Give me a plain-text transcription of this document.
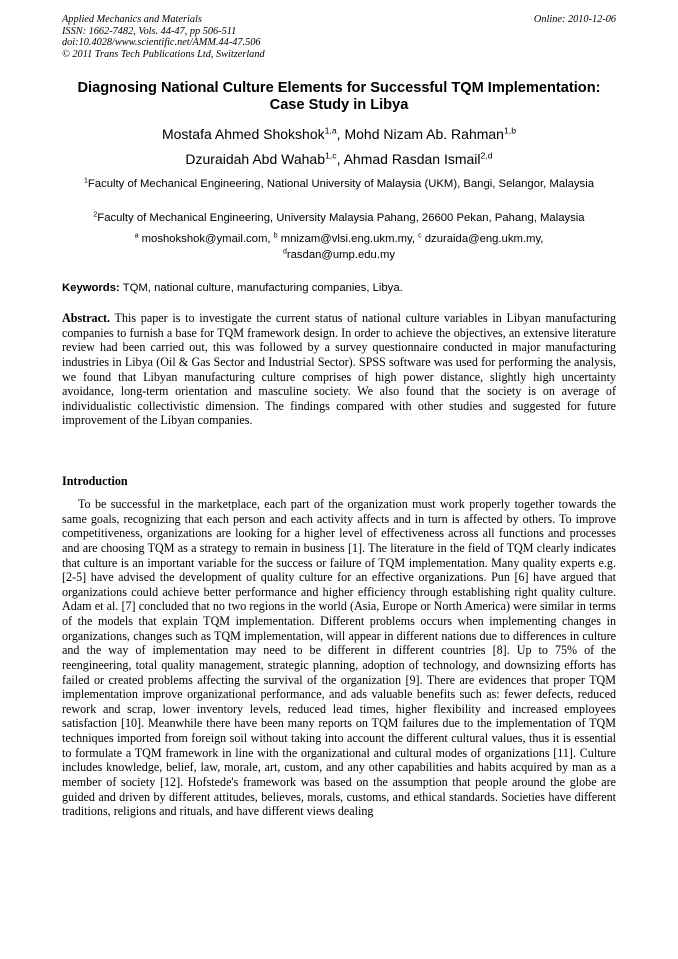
Applied Mechanics and Materials
ISSN: 1662-7482, Vols. 44-47, pp 506-511
doi:10.4028/www.scientific.net/AMM.44-47.506
© 2011 Trans Tech Publications Ltd, Switzerland
Online: 2010-12-06
Diagnosing National Culture Elements for Successful TQM Implementation: Case Study in Libya

Mostafa Ahmed Shokshok$^{1,a}$, Mohd Nizam Ab. Rahman$^{1,b}$

Dzuraidah Abd Wahab$^{1,c}$, Ahmad Rasdan Ismail$^{2,d}$

$^1$Faculty of Mechanical Engineering, National University of Malaysia (UKM), Bangi, Selangor, Malaysia

$^2$Faculty of Mechanical Engineering, University Malaysia Pahang, 26600 Pekan, Pahang, Malaysia

$^a$ moshokshok@ymail.com, $^b$ mnizam@vlsi.eng.ukm.my, $^c$ dzuraida@eng.ukm.my,

$^d$rasdan@ump.edu.my

Keywords: TQM, national culture, manufacturing companies, Libya.

Abstract. This paper is to investigate the current status of national culture variables in Libyan manufacturing companies to furnish a base for TQM framework design. In order to achieve the objectives, an extensive literature review had been carried out, this was followed by a survey questionnaire conducted in major manufacturing industries in Libya (Oil & Gas Sector and Industrial Sector). SPSS software was used for performing the analysis, we found that Libyan manufacturing culture comprises of high power distance, slightly high uncertainty avoidance, long-term orientation and masculine society. We also found that the society is on average of individualistic collectivistic dimension. The findings compared with other studies and suggested for future improvement of the Libyan companies.

Introduction

To be successful in the marketplace, each part of the organization must work properly together towards the same goals, recognizing that each person and each activity affects and in turn is affected by others. To improve competitiveness, organizations are looking for a higher level of effectiveness across all functions and processes and are choosing TQM as a strategy to remain in business [1]. The literature in the field of TQM clearly indicates that culture is an important variable for the success or failure of TQM implementation. Many quality experts e.g. [2-5] have advised the development of quality culture for an effective organizations. Pun [6] have argued that organizations could achieve better performance and higher efficiency through establishing right quality culture. Adam et al. [7] concluded that no two regions in the world (Asia, Europe or North America) were similar in terms of the models that explain TQM implementation. Different problems occurs when implementing changes in organizations, changes such as TQM implementation, will appear in different nations due to differences in culture and the way of implementation may need to be different in different countries [8]. Up to 75% of the reengineering, total quality management, strategic planning, adoption of technology, and downsizing efforts has failed or created problems affecting the survival of the organization [9]. There are evidences that proper TQM implementation improve organizational performance, and ads valuable benefits such as: fewer defects, reduced rework and scrap, lower inventory levels, reduced lead times, higher flexibility and increased employees satisfaction [10]. Meanwhile there have been many reports on TQM failures due to the implementation of TQM techniques imported from foreign soil without taking into account the different cultural values, thus it is essential to formulate a TQM framework in line with the organizational and cultural modes of organizations [11]. Culture includes knowledge, belief, law, morale, art, custom, and any other capabilities and habits acquired by man as a member of society [12]. Hofstede's framework was based on the assumption that people around the globe are guided and driven by different attitudes, believes, morals, customs, and ethical standards. Societies have different traditions, religions and rituals, and have different views dealing
